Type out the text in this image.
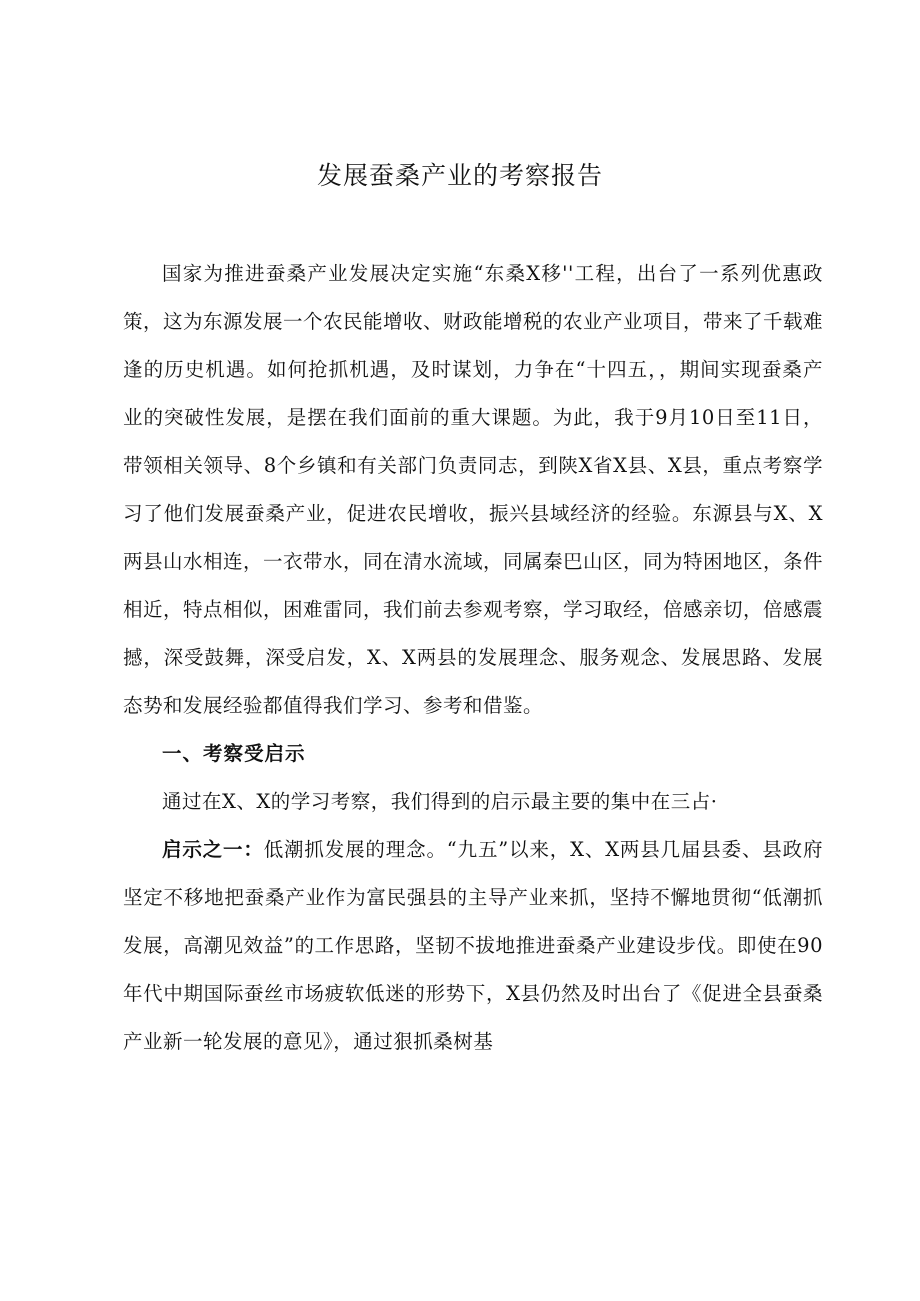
发展蚕桑产业的考察报告

国家为推进蚕桑产业发展决定实施“东桑X移''工程，出台了一系列优惠政策，这为东源发展一个农民能增收、财政能增税的农业产业项目，带来了千载难逢的历史机遇。如何抢抓机遇，及时谋划，力争在“十四五，，期间实现蚕桑产业的突破性发展，是摆在我们面前的重大课题。为此，我于9月10日至11日，带领相关领导、8个乡镇和有关部门负责同志，到陕X省X县、X县，重点考察学习了他们发展蚕桑产业，促进农民增收，振兴县域经济的经验。东源县与X、X两县山水相连，一衣带水，同在清水流域，同属秦巴山区，同为特困地区，条件相近，特点相似，困难雷同，我们前去参观考察，学习取经，倍感亲切，倍感震撼，深受鼓舞，深受启发，X、X两县的发展理念、服务观念、发展思路、发展态势和发展经验都值得我们学习、参考和借鉴。

一、考察受启示

通过在X、X的学习考察，我们得到的启示最主要的集中在三占·

启示之一：低潮抓发展的理念。“九五”以来，X、X两县几届县委、县政府坚定不移地把蚕桑产业作为富民强县的主导产业来抓，坚持不懈地贯彻“低潮抓发展，高潮见效益”的工作思路，坚韧不拔地推进蚕桑产业建设步伐。即使在90年代中期国际蚕丝市场疲软低迷的形势下，X县仍然及时出台了《促进全县蚕桑产业新一轮发展的意见》，通过狠抓桑树基
